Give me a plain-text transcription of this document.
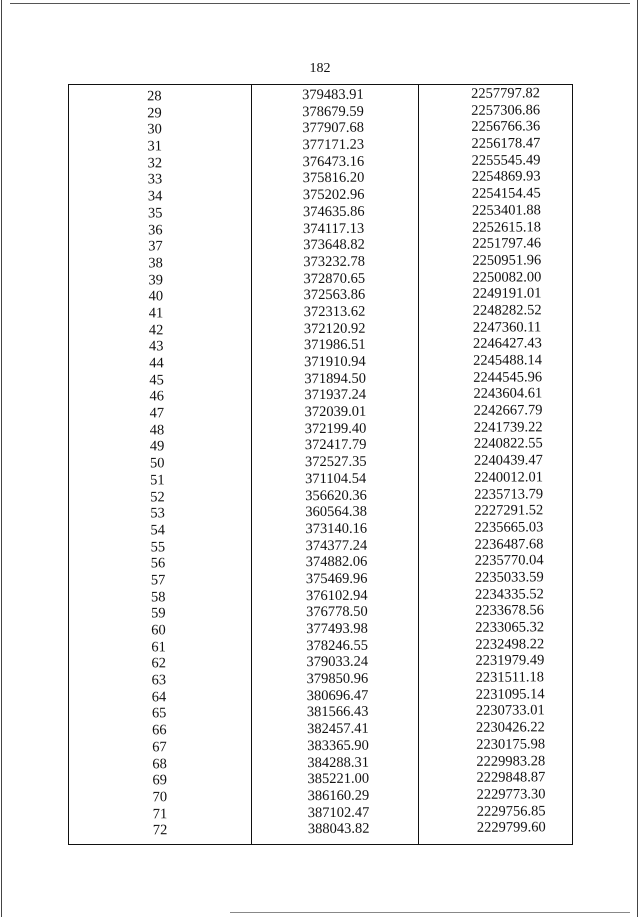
182
28	379483.91	2257797.82
29	378679.59	2257306.86
30	377907.68	2256766.36
31	377171.23	2256178.47
32	376473.16	2255545.49
33	375816.20	2254869.93
34	375202.96	2254154.45
35	374635.86	2253401.88
36	374117.13	2252615.18
37	373648.82	2251797.46
38	373232.78	2250951.96
39	372870.65	2250082.00
40	372563.86	2249191.01
41	372313.62	2248282.52
42	372120.92	2247360.11
43	371986.51	2246427.43
44	371910.94	2245488.14
45	371894.50	2244545.96
46	371937.24	2243604.61
47	372039.01	2242667.79
48	372199.40	2241739.22
49	372417.79	2240822.55
50	372527.35	2240439.47
51	371104.54	2240012.01
52	356620.36	2235713.79
53	360564.38	2227291.52
54	373140.16	2235665.03
55	374377.24	2236487.68
56	374882.06	2235770.04
57	375469.96	2235033.59
58	376102.94	2234335.52
59	376778.50	2233678.56
60	377493.98	2233065.32
61	378246.55	2232498.22
62	379033.24	2231979.49
63	379850.96	2231511.18
64	380696.47	2231095.14
65	381566.43	2230733.01
66	382457.41	2230426.22
67	383365.90	2230175.98
68	384288.31	2229983.28
69	385221.00	2229848.87
70	386160.29	2229773.30
71	387102.47	2229756.85
72	388043.82	2229799.60
